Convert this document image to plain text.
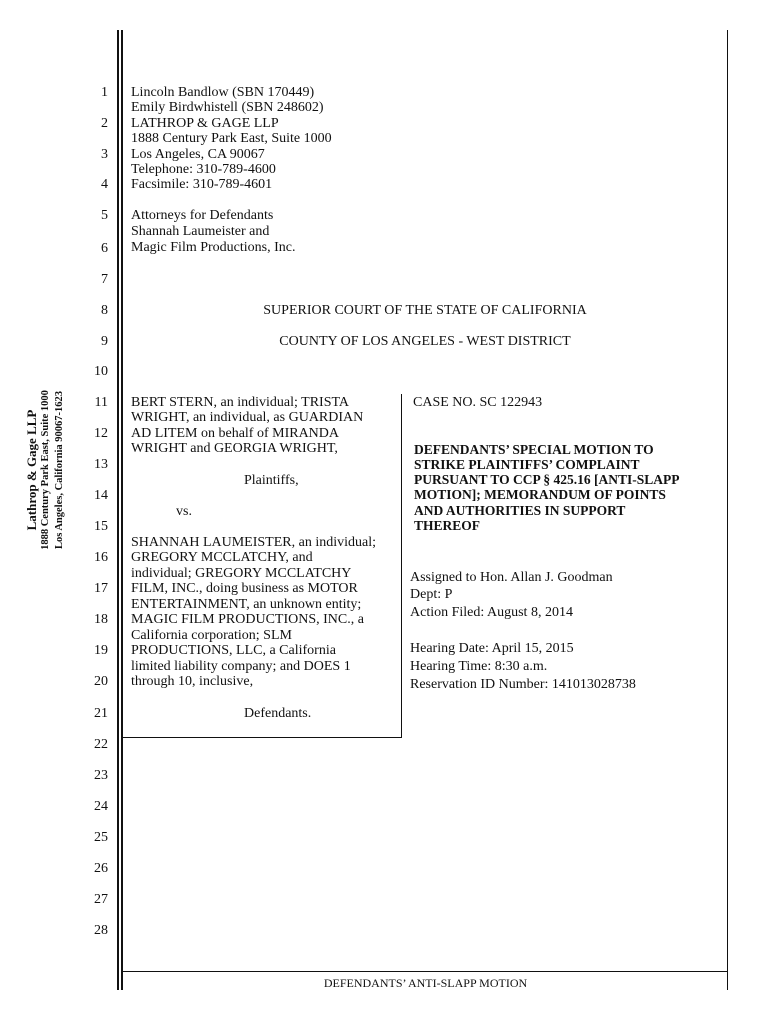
Lathrop & Gage LLP 1888 Century Park East, Suite 1000 Los Angeles, California 90067-1623
1
2
3
4
5
6
7
8
9
10
11
12
13
14
15
16
17
18
19
20
21
22
23
24
25
26
27
28
Lincoln Bandlow (SBN 170449)
Emily Birdwhistell (SBN 248602)
LATHROP & GAGE LLP
1888 Century Park East, Suite 1000
Los Angeles, CA 90067
Telephone: 310-789-4600
Facsimile: 310-789-4601
Attorneys for Defendants
Shannah Laumeister and
Magic Film Productions, Inc.
SUPERIOR COURT OF THE STATE OF CALIFORNIA
COUNTY OF LOS ANGELES - WEST DISTRICT
BERT STERN, an individual; TRISTA
WRIGHT, an individual, as GUARDIAN
AD LITEM on behalf of MIRANDA
WRIGHT and GEORGIA WRIGHT,
Plaintiffs,
vs.
SHANNAH LAUMEISTER, an individual;
GREGORY MCCLATCHY, and
individual; GREGORY MCCLATCHY
FILM, INC., doing business as MOTOR
ENTERTAINMENT, an unknown entity;
MAGIC FILM PRODUCTIONS, INC., a
California corporation; SLM
PRODUCTIONS, LLC, a California
limited liability company; and DOES 1
through 10, inclusive,
Defendants.
CASE NO. SC 122943
DEFENDANTS’ SPECIAL MOTION TO
STRIKE PLAINTIFFS’ COMPLAINT
PURSUANT TO CCP § 425.16 [ANTI-SLAPP
MOTION]; MEMORANDUM OF POINTS
AND AUTHORITIES IN SUPPORT
THEREOF
Assigned to Hon. Allan J. Goodman
Dept: P
Action Filed: August 8, 2014
Hearing Date: April 15, 2015
Hearing Time: 8:30 a.m.
Reservation ID Number: 141013028738
DEFENDANTS’ ANTI-SLAPP MOTION
